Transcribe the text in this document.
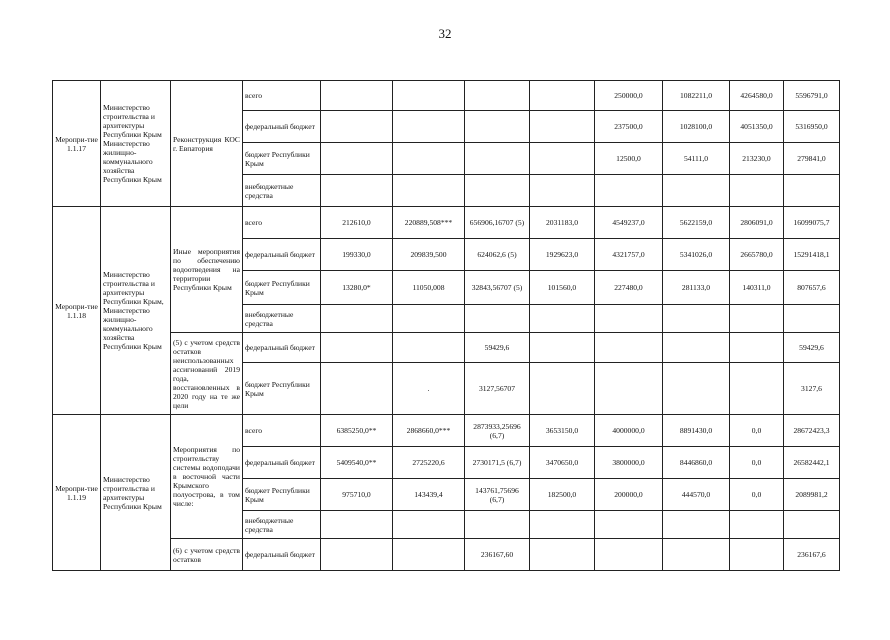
32
Меропри-тие 1.1.17	Министерство строительства и архитектуры Республики Крым Министерство жилищно-коммунального хозяйства Республики Крым	Реконструкция КОС г. Евпатория	всего					250000,0	1082211,0	4264580,0	5596791,0
			федеральный бюджет					237500,0	1028100,0	4051350,0	5316950,0
			бюджет Республики Крым					12500,0	54111,0	213230,0	279841,0
			внебюджетные средства								
Меропри-тие 1.1.18	Министерство строительства и архитектуры Республики Крым, Министерство жилищно-коммунального хозяйства Республики Крым	Иные мероприятия по обеспечению водоотведения на территории Республики Крым	всего	212610,0	220889,508***	656906,16707 (5)	2031183,0	4549237,0	5622159,0	2806091,0	16099075,7
			федеральный бюджет	199330,0	209839,500	624062,6 (5)	1929623,0	4321757,0	5341026,0	2665780,0	15291418,1
			бюджет Республики Крым	13280,0*	11050,008	32843,56707 (5)	101560,0	227480,0	281133,0	140311,0	807657,6
			внебюджетные средства								
		(5) с учетом средств остатков неиспользованных ассигнований 2019 года, восстановленных в 2020 году на те же цели	федеральный бюджет			59429,6					59429,6
			бюджет Республики Крым		.	3127,56707					3127,6
Меропри-тие 1.1.19	Министерство строительства и архитектуры Республики Крым	Мероприятия по строительству системы водоподачи в восточной части Крымского полуострова, в том числе:	всего	6385250,0**	2868660,0***	2873933,25696 (6,7)	3653150,0	4000000,0	8891430,0	0,0	28672423,3
			федеральный бюджет	5409540,0**	2725220,6	2730171,5 (6,7)	3470650,0	3800000,0	8446860,0	0,0	26582442,1
			бюджет Республики Крым	975710,0	143439,4	143761,75696 (6,7)	182500,0	200000,0	444570,0	0,0	2089981,2
			внебюджетные средства								
		(6) с учетом средств остатков	федеральный бюджет			236167,60					236167,6
